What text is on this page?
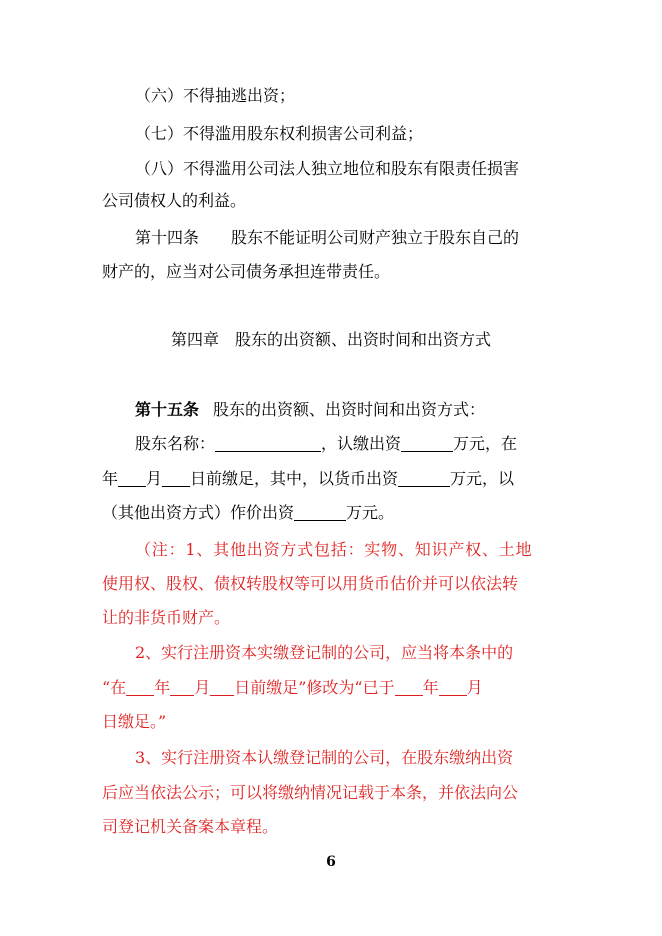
（六）不得抽逃出资；
（七）不得滥用股东权利损害公司利益；
（八）不得滥用公司法人独立地位和股东有限责任损害
公司债权人的利益。
第十四条 股东不能证明公司财产独立于股东自己的
财产的，应当对公司债务承担连带责任。
第四章　股东的出资额、出资时间和出资方式
第十五条 股东的出资额、出资时间和出资方式：
股东名称：	，认缴出资	万元，在
年 月 日前缴足，其中，以货币出资	万元，以
（其他出资方式）作价出资	万元。
（注：1、其他出资方式包括：实物、知识产权、土地
使用权、股权、债权转股权等可以用货币估价并可以依法转
让的非货币财产。
2、实行注册资本实缴登记制的公司，应当将本条中的
“在 年 月 日前缴足”修改为“已于 年 月
日缴足。”
3、实行注册资本认缴登记制的公司，在股东缴纳出资
后应当依法公示；可以将缴纳情况记载于本条，并依法向公
司登记机关备案本章程。
6
